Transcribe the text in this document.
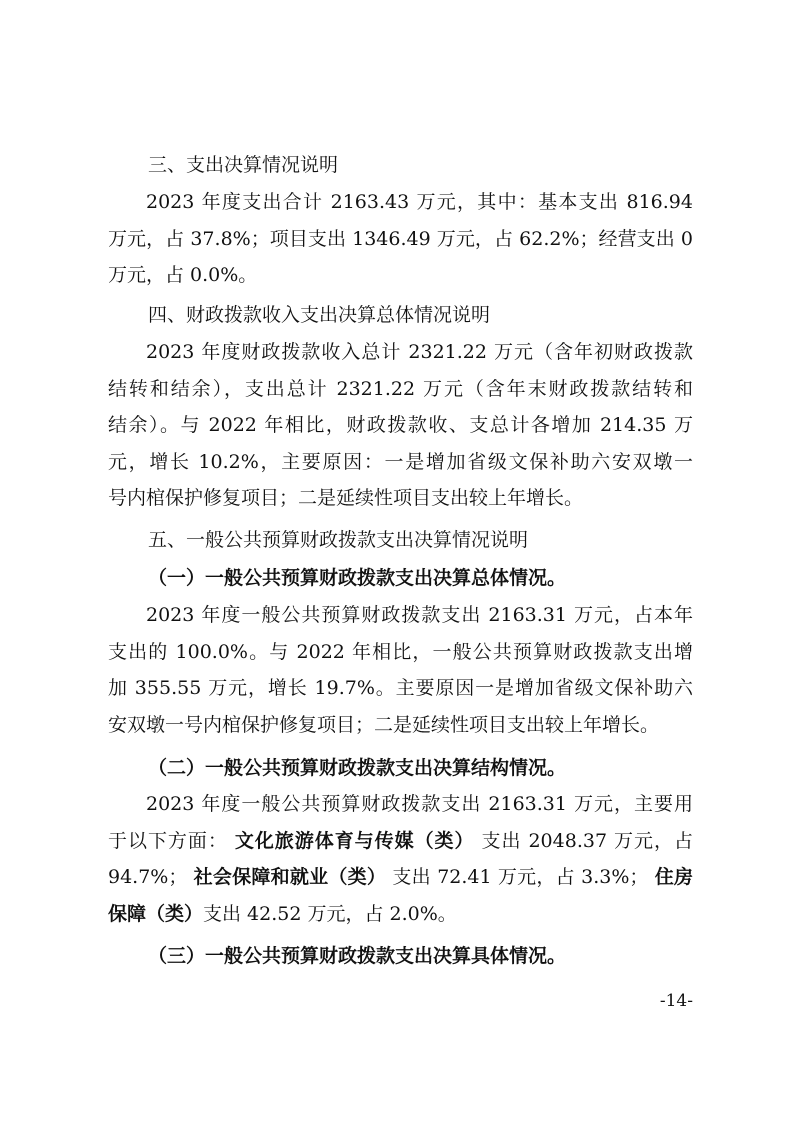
三、支出决算情况说明
2023 年度支出合计 2163.43 万元，其中：基本支出 816.94
万元，占 37.8%；项目支出 1346.49 万元，占 62.2%；经营支出 0
万元，占 0.0%。
四、财政拨款收入支出决算总体情况说明
2023 年度财政拨款收入总计 2321.22 万元（含年初财政拨款
结转和结余），支出总计 2321.22 万元（含年末财政拨款结转和
结余）。与 2022 年相比，财政拨款收、支总计各增加 214.35 万
元，增长 10.2%，主要原因：一是增加省级文保补助六安双墩一
号内棺保护修复项目；二是延续性项目支出较上年增长。
五、一般公共预算财政拨款支出决算情况说明
（一）一般公共预算财政拨款支出决算总体情况。
2023 年度一般公共预算财政拨款支出 2163.31 万元，占本年
支出的 100.0%。与 2022 年相比，一般公共预算财政拨款支出增
加 355.55 万元，增长 19.7%。主要原因一是增加省级文保补助六
安双墩一号内棺保护修复项目；二是延续性项目支出较上年增长。
（二）一般公共预算财政拨款支出决算结构情况。
2023 年度一般公共预算财政拨款支出 2163.31 万元，主要用
于以下方面： 文化旅游体育与传媒（类） 支出 2048.37 万元，占
94.7%； 社会保障和就业（类） 支出 72.41 万元，占 3.3%； 住房
保障（类）支出 42.52 万元，占 2.0%。
（三）一般公共预算财政拨款支出决算具体情况。
-14-
